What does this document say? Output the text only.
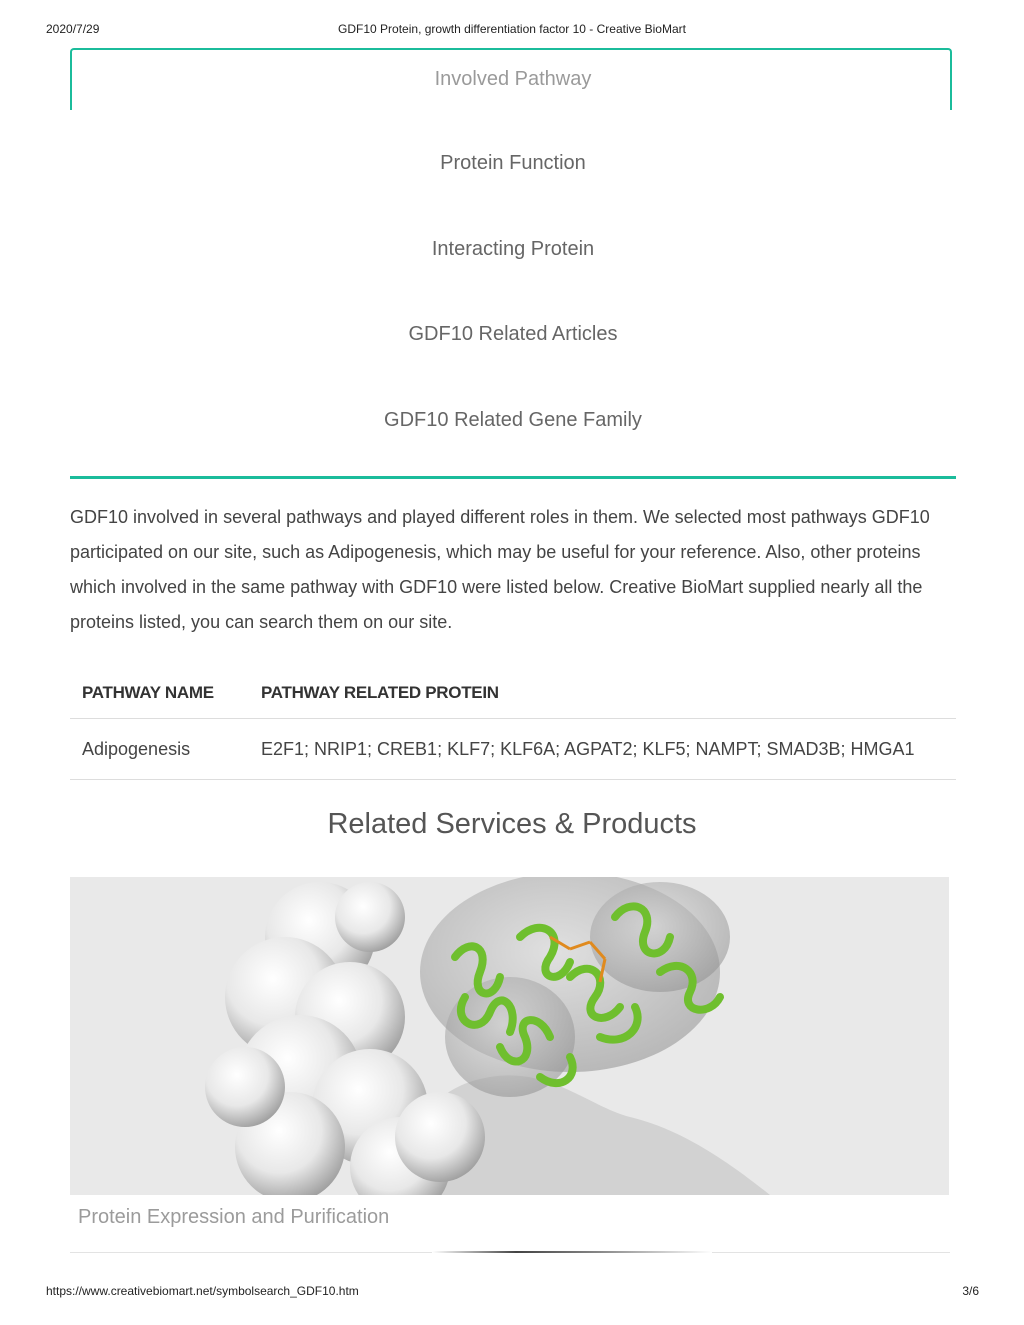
2020/7/29	GDF10 Protein, growth differentiation factor 10 - Creative BioMart
Involved Pathway
Protein Function
Interacting Protein
GDF10 Related Articles
GDF10 Related Gene Family

GDF10 involved in several pathways and played different roles in them. We selected most pathways GDF10 participated on our site, such as Adipogenesis, which may be useful for your reference. Also, other proteins which involved in the same pathway with GDF10 were listed below. Creative BioMart supplied nearly all the proteins listed, you can search them on our site.

PATHWAY NAME	PATHWAY RELATED PROTEIN
Adipogenesis	E2F1; NRIP1; CREB1; KLF7; KLF6A; AGPAT2; KLF5; NAMPT; SMAD3B; HMGA1
Related Services & Products
Protein Expression and Purification
https://www.creativebiomart.net/symbolsearch_GDF10.htm	3/6
